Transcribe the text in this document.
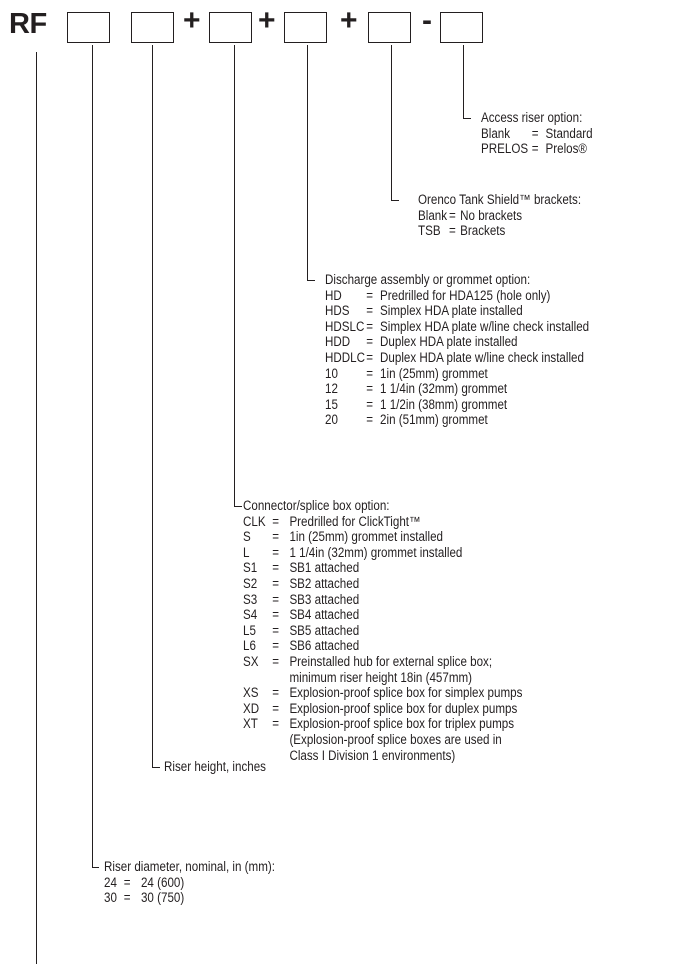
RF	+ + + -
Access riser option:
Blank	= Standard
PRELOS = Prelos®
Orenco Tank Shield™ brackets:
Blank = No brackets
TSB = Brackets
Discharge assembly or grommet option:
HD	= Predrilled for HDA125 (hole only)
HDS	= Simplex HDA plate installed
HDSLC = Simplex HDA plate w/line check installed
HDD	= Duplex HDA plate installed
HDDLC = Duplex HDA plate w/line check installed
10	= 1in (25mm) grommet
12	= 1 1/4in (32mm) grommet
15	= 1 1/2in (38mm) grommet
20	= 2in (51mm) grommet
Connector/splice box option:
CLK = Predrilled for ClickTight™
S	= 1in (25mm) grommet installed
L	= 1 1/4in (32mm) grommet installed
S1	= SB1 attached
S2	= SB2 attached
S3	= SB3 attached
S4	= SB4 attached
L5	= SB5 attached
L6	= SB6 attached
SX	= Preinstalled hub for external splice box;
minimum riser height 18in (457mm)
XS	= Explosion-proof splice box for simplex pumps
XD = Explosion-proof splice box for duplex pumps
XT	= Explosion-proof splice box for triplex pumps
(Explosion-proof splice boxes are used in
Class I Division 1 environments)
Riser height, inches
Riser diameter, nominal, in (mm):
24 = 24 (600)
30 = 30 (750)
